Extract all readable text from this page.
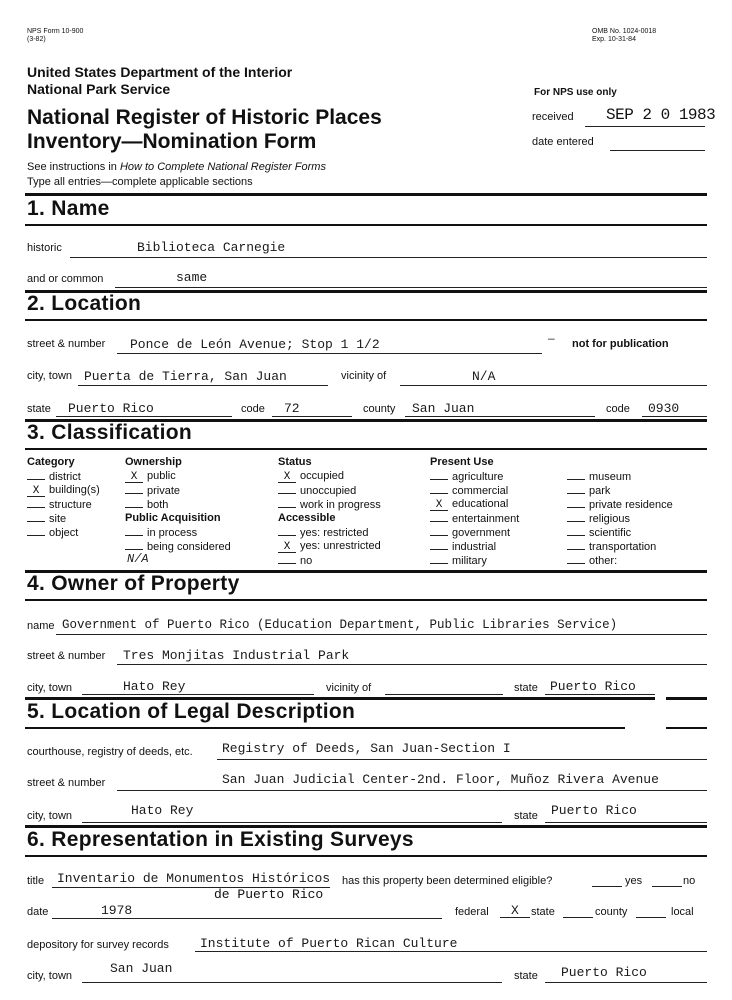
NPS Form 10-900
(3-82)
OMB No. 1024-0018
Exp. 10-31-84
United States Department of the Interior
National Park Service
National Register of Historic Places
Inventory—Nomination Form
See instructions in How to Complete National Register Forms
Type all entries—complete applicable sections
For NPS use only
received SEP 2 0 1983
date entered
1. Name
historic	Biblioteca Carnegie
and or common	same
2. Location
street & number Ponce de León Avenue; Stop 1 1/2	— not for publication
city, town Puerta de Tierra, San Juan	vicinity of	N/A
state Puerto Rico	code 72	county San Juan	code 0930
3. Classification
Category
district
X building(s)
structure
site
object
Ownership
X public
private
both
Public Acquisition
in process
being considered
N/A
Status
X occupied
unoccupied
work in progress
Accessible
yes: restricted
X yes: unrestricted
no
Present Use
agriculture
commercial
X educational
entertainment
government
industrial
military
museum
park
private residence
religious
scientific
transportation
other:
4. Owner of Property
name Government of Puerto Rico (Education Department, Public Libraries Service)
street & number Tres Monjitas Industrial Park
city, town	Hato Rey	vicinity of	state Puerto Rico
5. Location of Legal Description
courthouse, registry of deeds, etc. Registry of Deeds, San Juan-Section I
street & number	San Juan Judicial Center-2nd. Floor, Muñoz Rivera Avenue
city, town	Hato Rey	state Puerto Rico
6. Representation in Existing Surveys
title Inventario de Monumentos Históricos
de Puerto Rico
has this property been determined eligible?	yes	no
date	1978	federal X state	county	local
depository for survey records Institute of Puerto Rican Culture
city, town	San Juan	state Puerto Rico
